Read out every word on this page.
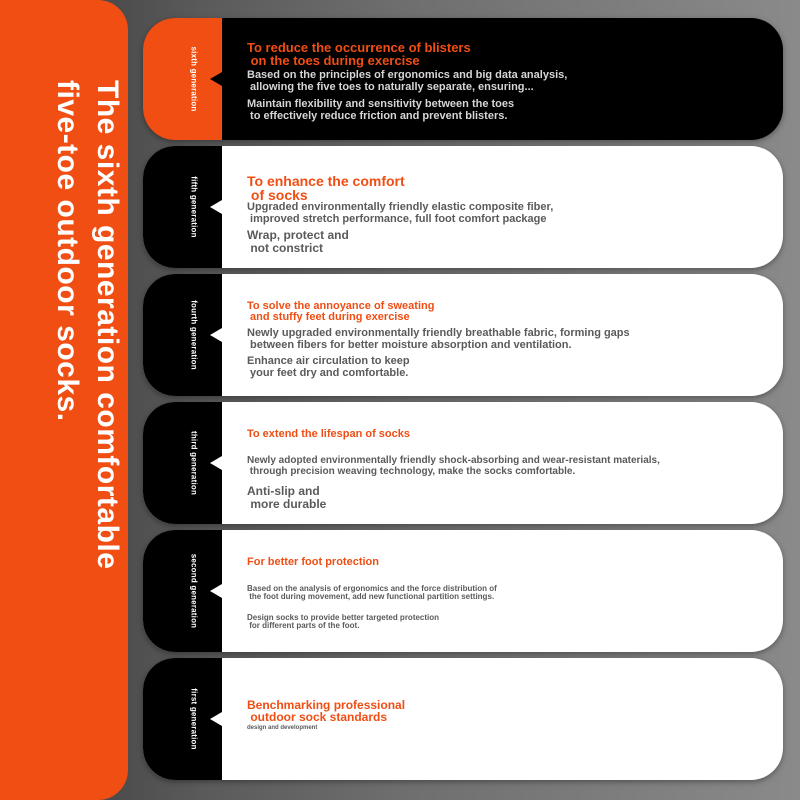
The sixth generation comfortable
five-toe outdoor socks.
sixth generation	To reduce the occurrence of blisters
on the toes during exercise
Based on the principles of ergonomics and big data analysis,
allowing the five toes to naturally separate, ensuring...
Maintain flexibility and sensitivity between the toes
to effectively reduce friction and prevent blisters.
fifth generation	To enhance the comfort
of socks
Upgraded environmentally friendly elastic composite fiber,
improved stretch performance, full foot comfort package
Wrap, protect and
not constrict
fourth generation	To solve the annoyance of sweating
and stuffy feet during exercise
Newly upgraded environmentally friendly breathable fabric, forming gaps
between fibers for better moisture absorption and ventilation.
Enhance air circulation to keep
your feet dry and comfortable.
third generation	To extend the lifespan of socks
Newly adopted environmentally friendly shock-absorbing and wear-resistant materials,
through precision weaving technology, make the socks comfortable.
Anti-slip and
more durable
second generation	For better foot protection
Based on the analysis of ergonomics and the force distribution of
the foot during movement, add new functional partition settings.
Design socks to provide better targeted protection
for different parts of the foot.
first generation	Benchmarking professional
outdoor sock standards
design and development
